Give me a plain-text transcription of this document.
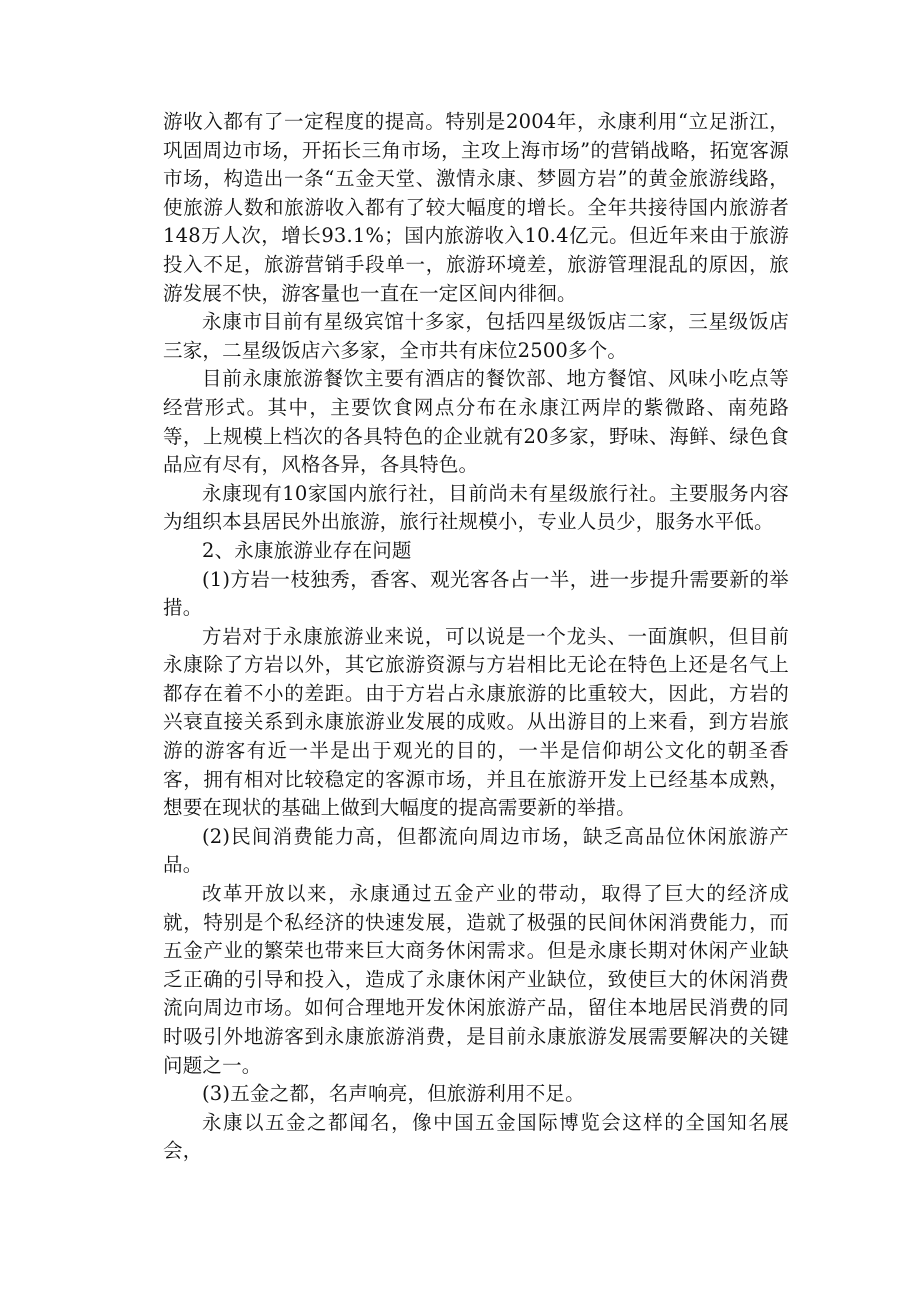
游收入都有了一定程度的提高。特别是2004年，永康利用“立足浙江，巩固周边市场，开拓长三角市场，主攻上海市场”的营销战略，拓宽客源市场，构造出一条“五金天堂、激情永康、梦圆方岩”的黄金旅游线路，使旅游人数和旅游收入都有了较大幅度的增长。全年共接待国内旅游者148万人次，增长93.1%；国内旅游收入10.4亿元。但近年来由于旅游投入不足，旅游营销手段单一，旅游环境差，旅游管理混乱的原因，旅游发展不快，游客量也一直在一定区间内徘徊。

永康市目前有星级宾馆十多家，包括四星级饭店二家，三星级饭店三家，二星级饭店六多家，全市共有床位2500多个。

目前永康旅游餐饮主要有酒店的餐饮部、地方餐馆、风味小吃点等经营形式。其中，主要饮食网点分布在永康江两岸的紫微路、南苑路等，上规模上档次的各具特色的企业就有20多家，野味、海鲜、绿色食品应有尽有，风格各异，各具特色。

永康现有10家国内旅行社，目前尚未有星级旅行社。主要服务内容为组织本县居民外出旅游，旅行社规模小，专业人员少，服务水平低。

2、永康旅游业存在问题

(1)方岩一枝独秀，香客、观光客各占一半，进一步提升需要新的举措。

方岩对于永康旅游业来说，可以说是一个龙头、一面旗帜，但目前永康除了方岩以外，其它旅游资源与方岩相比无论在特色上还是名气上都存在着不小的差距。由于方岩占永康旅游的比重较大，因此，方岩的兴衰直接关系到永康旅游业发展的成败。从出游目的上来看，到方岩旅游的游客有近一半是出于观光的目的，一半是信仰胡公文化的朝圣香客，拥有相对比较稳定的客源市场，并且在旅游开发上已经基本成熟，想要在现状的基础上做到大幅度的提高需要新的举措。

(2)民间消费能力高，但都流向周边市场，缺乏高品位休闲旅游产品。

改革开放以来，永康通过五金产业的带动，取得了巨大的经济成就，特别是个私经济的快速发展，造就了极强的民间休闲消费能力，而五金产业的繁荣也带来巨大商务休闲需求。但是永康长期对休闲产业缺乏正确的引导和投入，造成了永康休闲产业缺位，致使巨大的休闲消费流向周边市场。如何合理地开发休闲旅游产品，留住本地居民消费的同时吸引外地游客到永康旅游消费，是目前永康旅游发展需要解决的关键问题之一。

(3)五金之都，名声响亮，但旅游利用不足。

永康以五金之都闻名，像中国五金国际博览会这样的全国知名展会，
